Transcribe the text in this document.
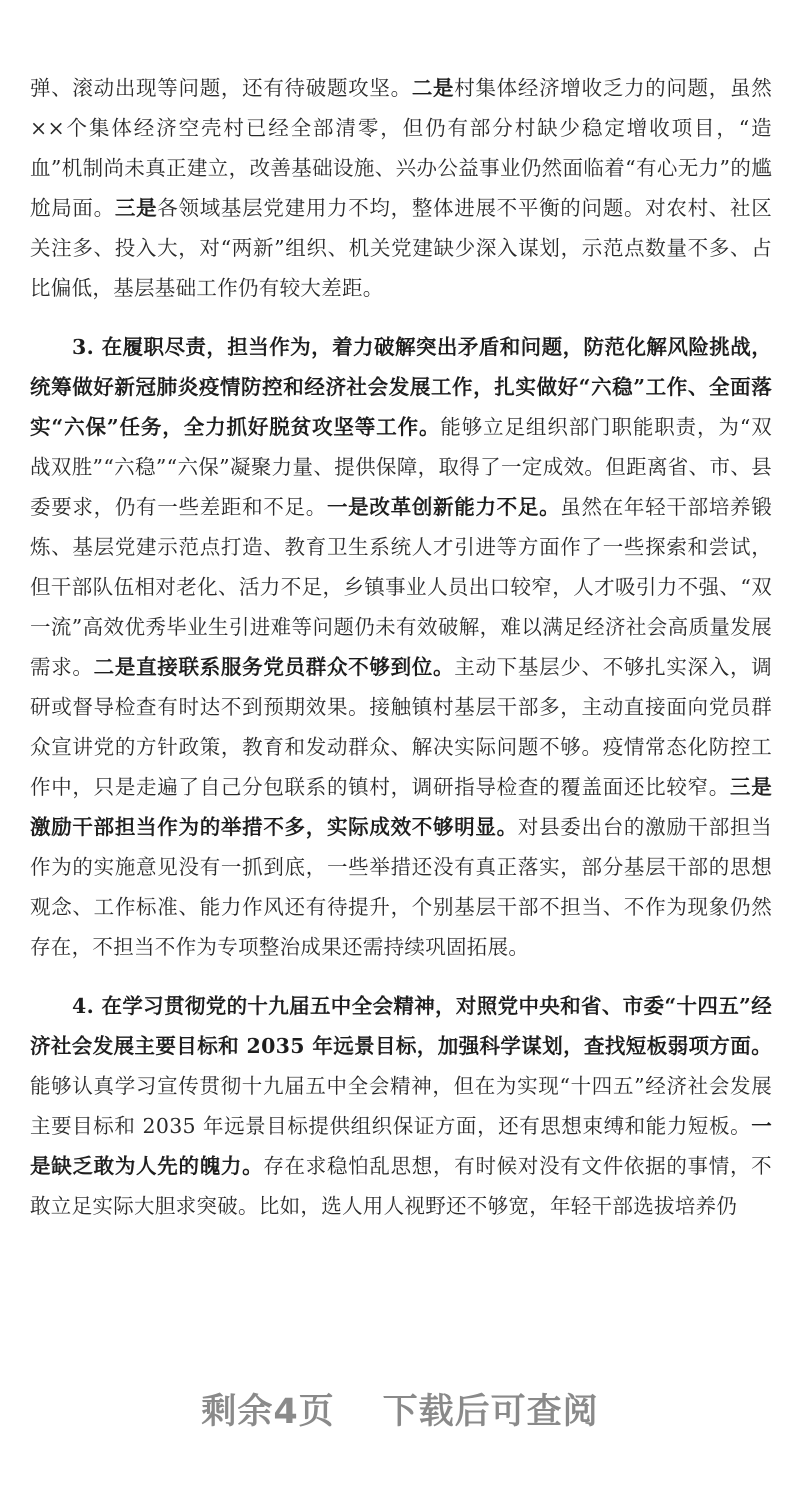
弹、滚动出现等问题，还有待破题攻坚。二是村集体经济增收乏力的问题，虽然××个集体经济空壳村已经全部清零，但仍有部分村缺少稳定增收项目，“造血”机制尚未真正建立，改善基础设施、兴办公益事业仍然面临着“有心无力”的尴尬局面。三是各领域基层党建用力不均，整体进展不平衡的问题。对农村、社区关注多、投入大，对“两新”组织、机关党建缺少深入谋划，示范点数量不多、占比偏低，基层基础工作仍有较大差距。

3. 在履职尽责，担当作为，着力破解突出矛盾和问题，防范化解风险挑战，统筹做好新冠肺炎疫情防控和经济社会发展工作，扎实做好“六稳”工作、全面落实“六保”任务，全力抓好脱贫攻坚等工作。能够立足组织部门职能职责，为“双战双胜”“六稳”“六保”凝聚力量、提供保障，取得了一定成效。但距离省、市、县委要求，仍有一些差距和不足。一是改革创新能力不足。虽然在年轻干部培养锻炼、基层党建示范点打造、教育卫生系统人才引进等方面作了一些探索和尝试，但干部队伍相对老化、活力不足，乡镇事业人员出口较窄，人才吸引力不强、“双一流”高效优秀毕业生引进难等问题仍未有效破解，难以满足经济社会高质量发展需求。二是直接联系服务党员群众不够到位。主动下基层少、不够扎实深入，调研或督导检查有时达不到预期效果。接触镇村基层干部多，主动直接面向党员群众宣讲党的方针政策，教育和发动群众、解决实际问题不够。疫情常态化防控工作中，只是走遍了自己分包联系的镇村，调研指导检查的覆盖面还比较窄。三是激励干部担当作为的举措不多，实际成效不够明显。对县委出台的激励干部担当作为的实施意见没有一抓到底，一些举措还没有真正落实，部分基层干部的思想观念、工作标准、能力作风还有待提升，个别基层干部不担当、不作为现象仍然存在，不担当不作为专项整治成果还需持续巩固拓展。

4. 在学习贯彻党的十九届五中全会精神，对照党中央和省、市委“十四五”经济社会发展主要目标和 2035 年远景目标，加强科学谋划，查找短板弱项方面。能够认真学习宣传贯彻十九届五中全会精神，但在为实现“十四五”经济社会发展主要目标和 2035 年远景目标提供组织保证方面，还有思想束缚和能力短板。一是缺乏敢为人先的魄力。存在求稳怕乱思想，有时候对没有文件依据的事情，不敢立足实际大胆求突破。比如，选人用人视野还不够宽，年轻干部选拔培养仍

剩余4页 下载后可查阅
